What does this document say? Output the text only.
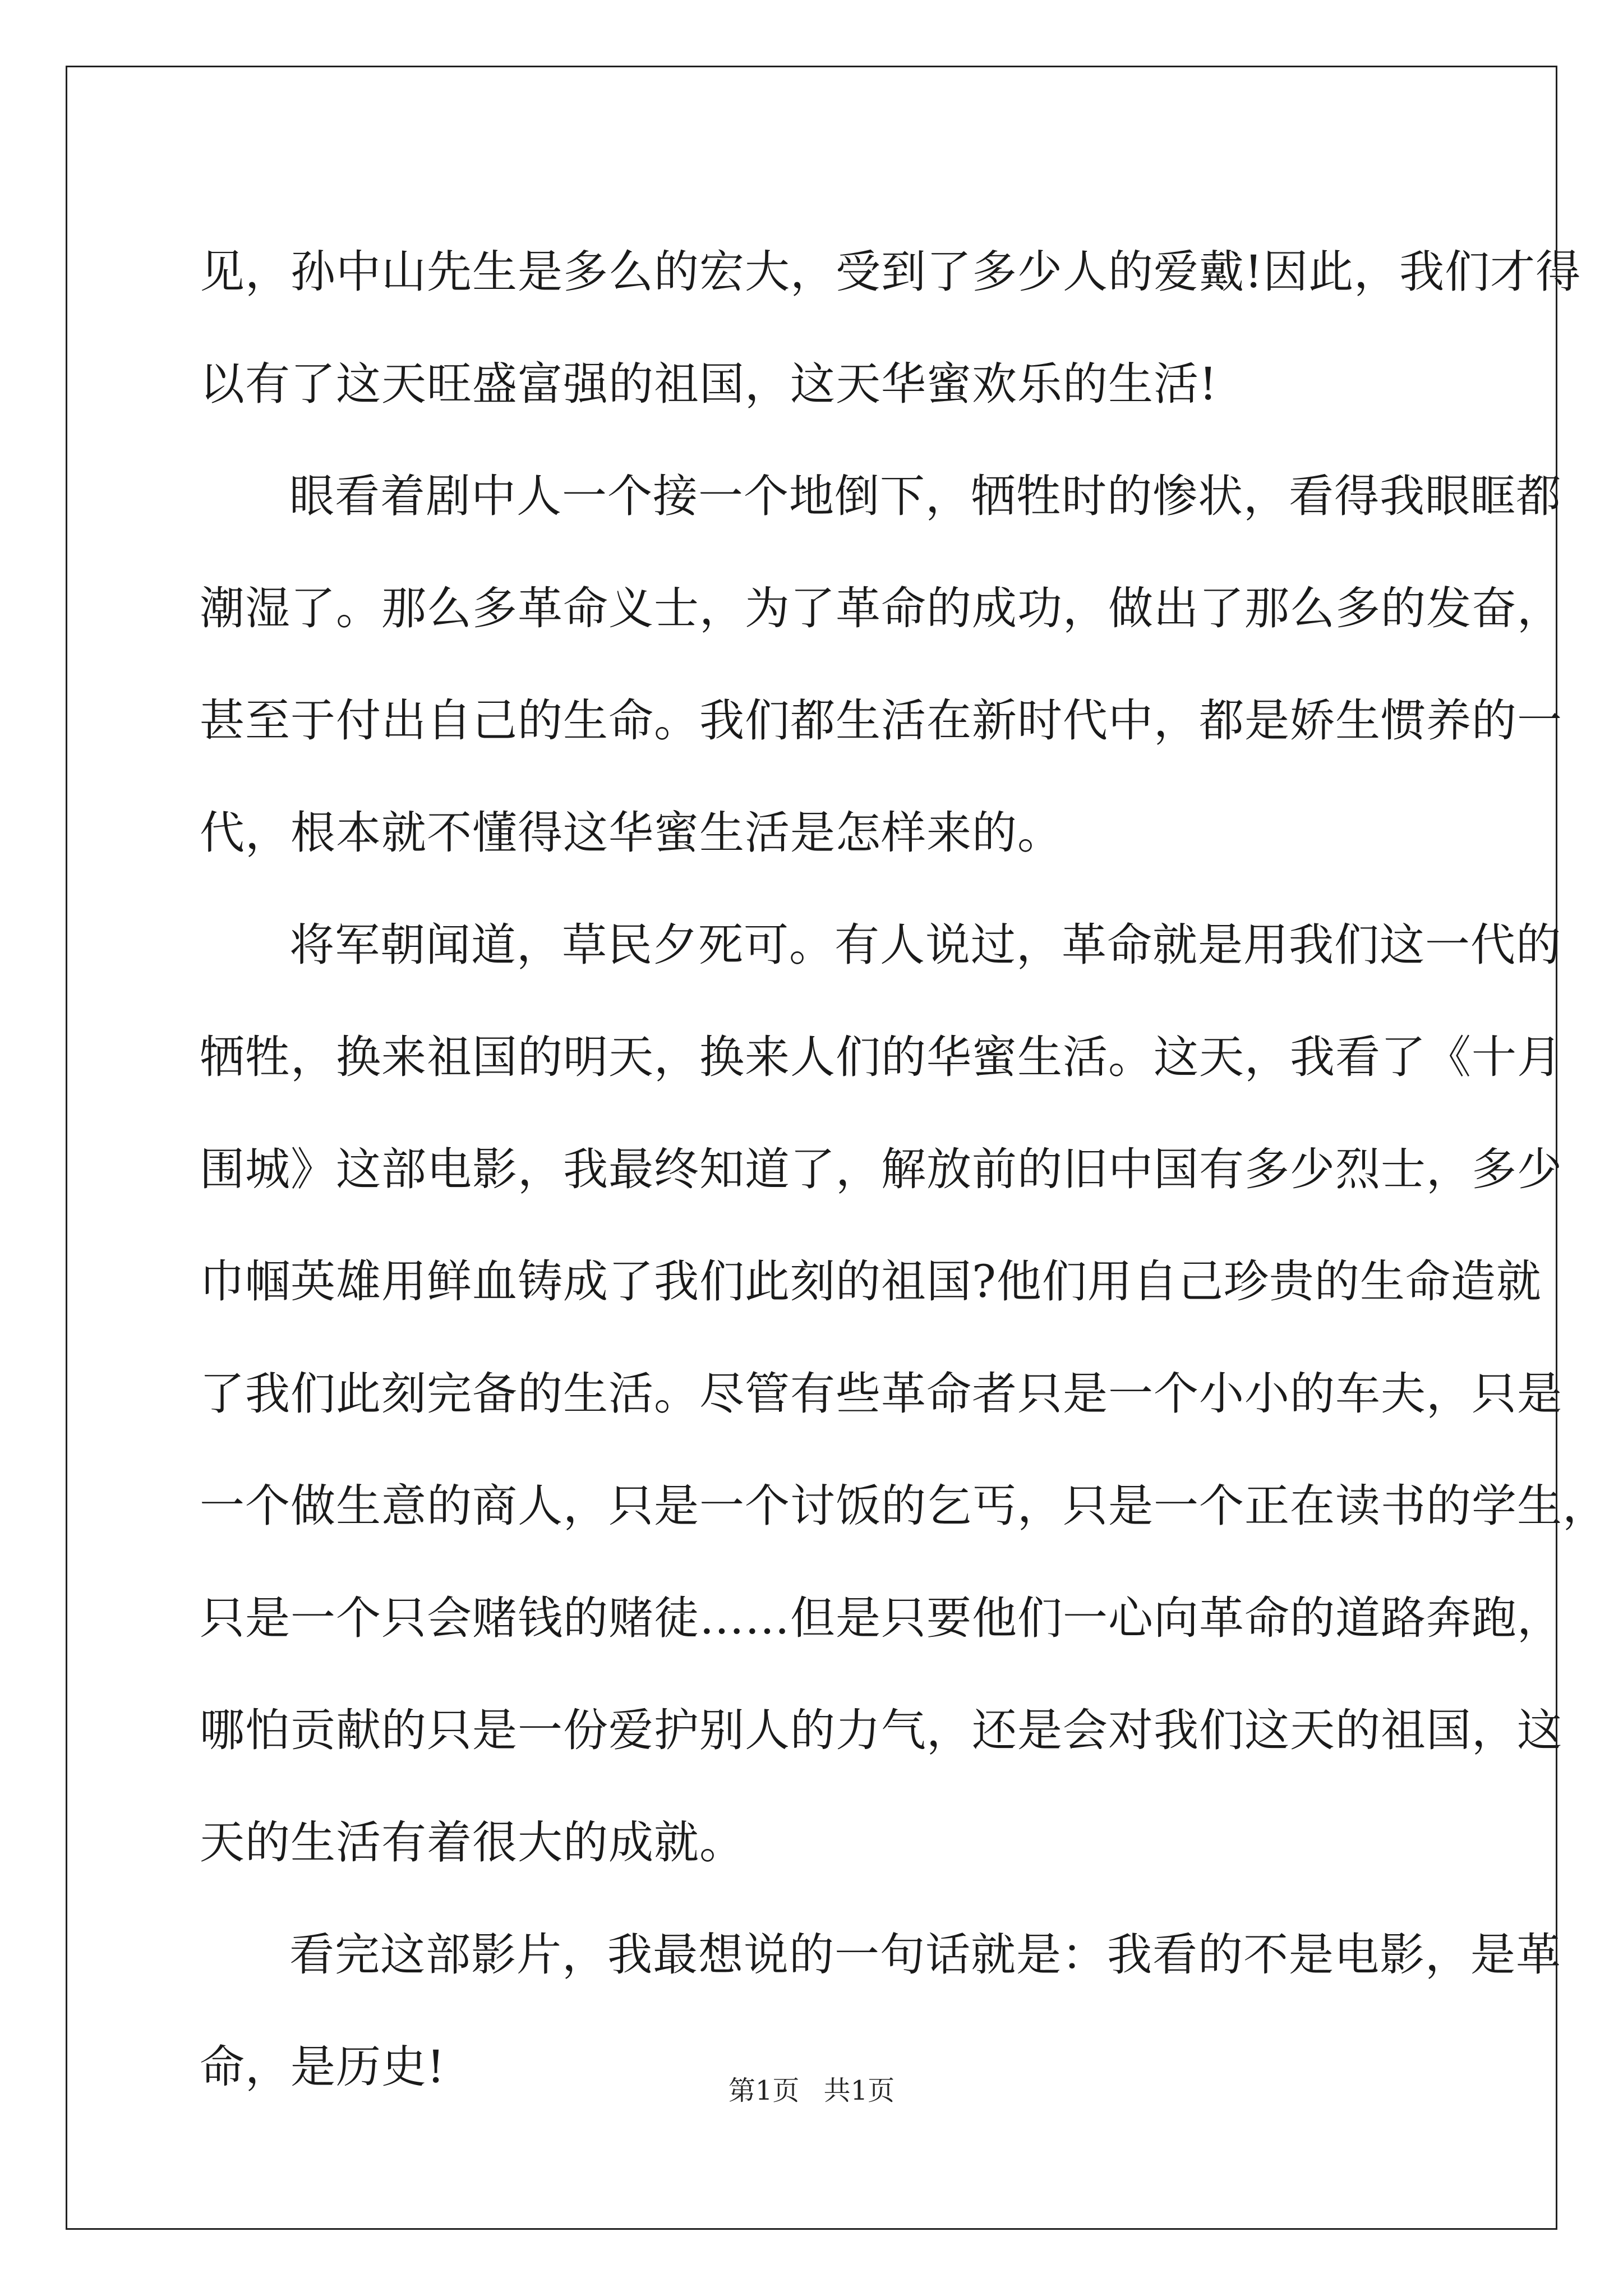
见，孙中山先生是多么的宏大，受到了多少人的爱戴!因此，我们才得
以有了这天旺盛富强的祖国，这天华蜜欢乐的生活!
眼看着剧中人一个接一个地倒下，牺牲时的惨状，看得我眼眶都
潮湿了。那么多革命义士，为了革命的成功，做出了那么多的发奋，
甚至于付出自己的生命。我们都生活在新时代中，都是娇生惯养的一
代，根本就不懂得这华蜜生活是怎样来的。
将军朝闻道，草民夕死可。有人说过，革命就是用我们这一代的
牺牲，换来祖国的明天，换来人们的华蜜生活。这天，我看了《十月
围城》这部电影，我最终知道了，解放前的旧中国有多少烈士，多少
巾帼英雄用鲜血铸成了我们此刻的祖国?他们用自己珍贵的生命造就
了我们此刻完备的生活。尽管有些革命者只是一个小小的车夫，只是
一个做生意的商人，只是一个讨饭的乞丐，只是一个正在读书的学生，
只是一个只会赌钱的赌徒……但是只要他们一心向革命的道路奔跑，
哪怕贡献的只是一份爱护别人的力气，还是会对我们这天的祖国，这
天的生活有着很大的成就。
看完这部影片，我最想说的一句话就是：我看的不是电影，是革
命，是历史!	第1页 共1页
